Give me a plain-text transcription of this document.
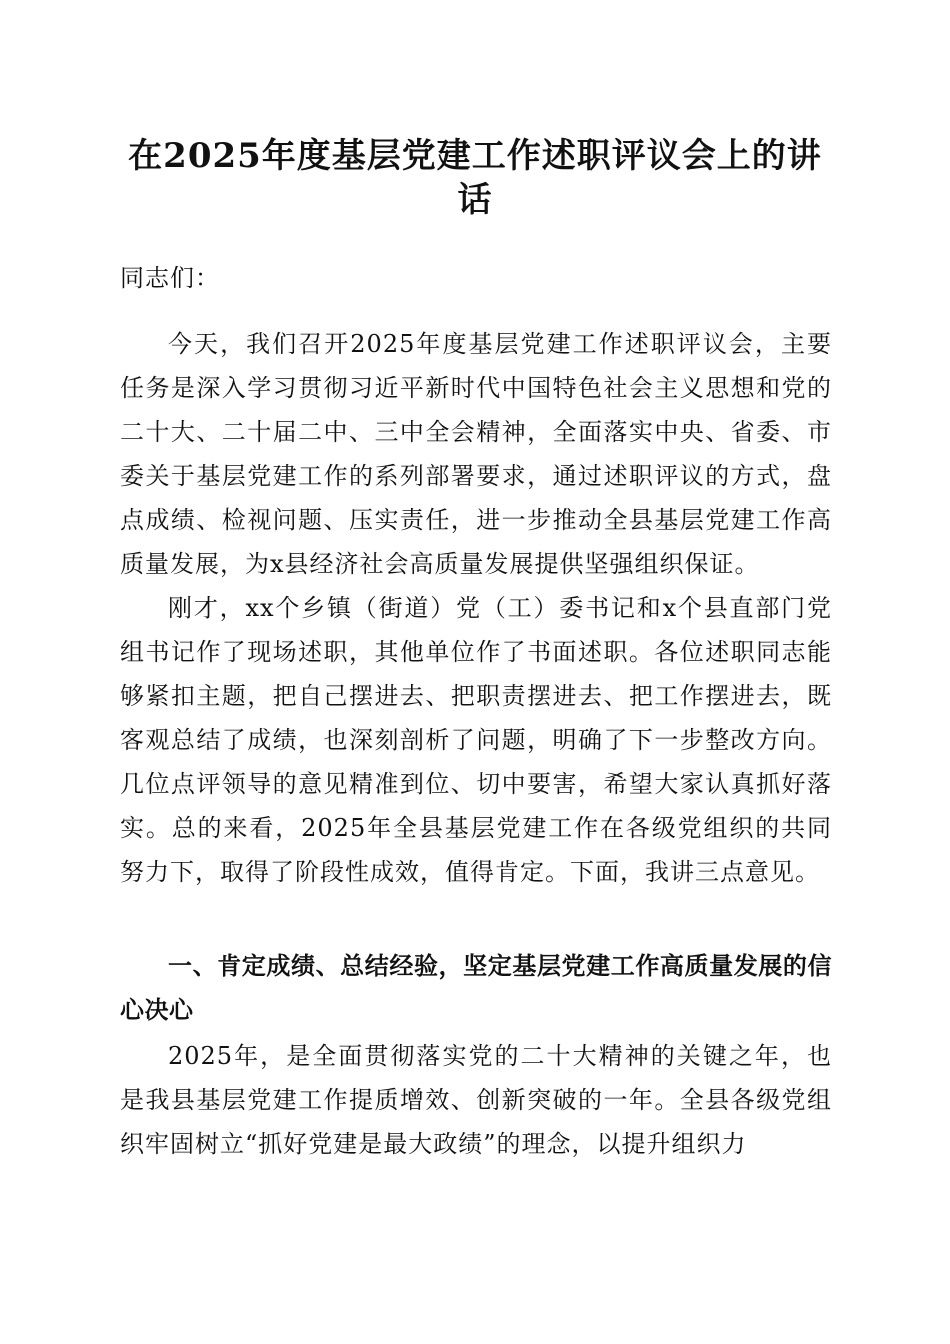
在2025年度基层党建工作述职评议会上的讲话

同志们：

今天，我们召开2025年度基层党建工作述职评议会，主要任务是深入学习贯彻习近平新时代中国特色社会主义思想和党的二十大、二十届二中、三中全会精神，全面落实中央、省委、市委关于基层党建工作的系列部署要求，通过述职评议的方式，盘点成绩、检视问题、压实责任，进一步推动全县基层党建工作高质量发展，为x县经济社会高质量发展提供坚强组织保证。

刚才，xx个乡镇（街道）党（工）委书记和x个县直部门党组书记作了现场述职，其他单位作了书面述职。各位述职同志能够紧扣主题，把自己摆进去、把职责摆进去、把工作摆进去，既客观总结了成绩，也深刻剖析了问题，明确了下一步整改方向。几位点评领导的意见精准到位、切中要害，希望大家认真抓好落实。总的来看，2025年全县基层党建工作在各级党组织的共同努力下，取得了阶段性成效，值得肯定。下面，我讲三点意见。

一、肯定成绩、总结经验，坚定基层党建工作高质量发展的信心决心

2025年，是全面贯彻落实党的二十大精神的关键之年，也是我县基层党建工作提质增效、创新突破的一年。全县各级党组织牢固树立“抓好党建是最大政绩”的理念，以提升组织力
